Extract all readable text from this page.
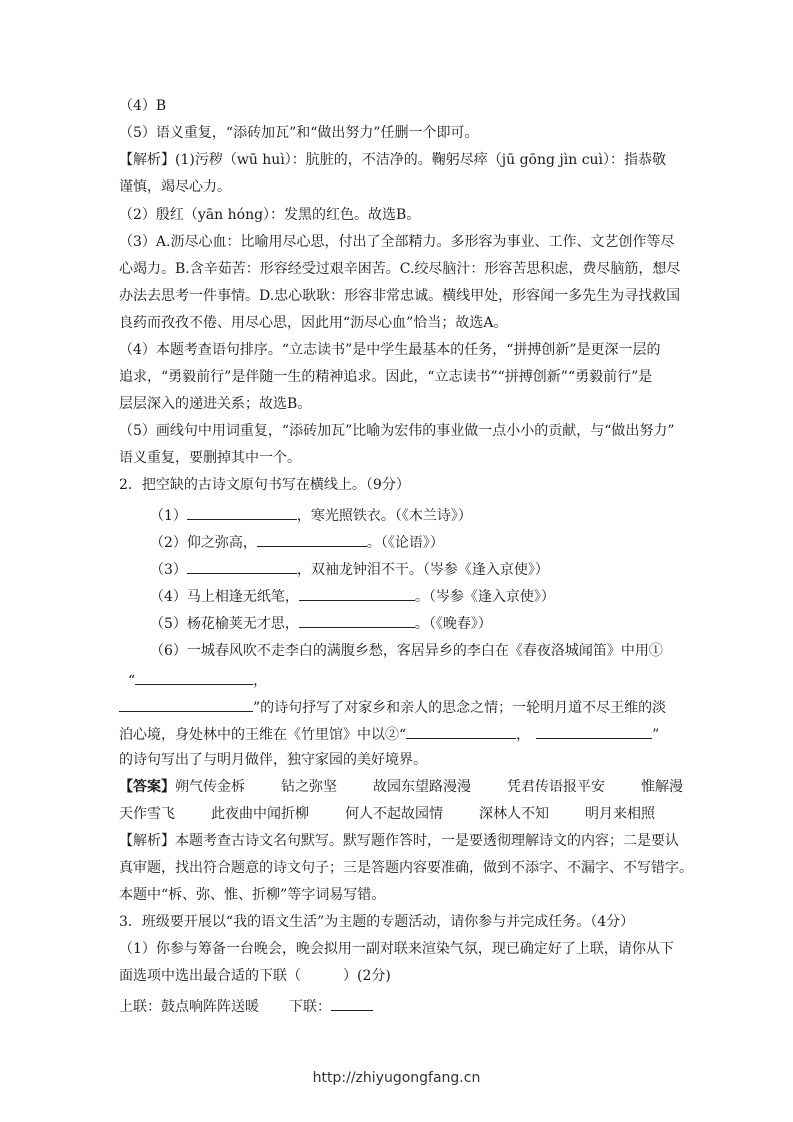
（4）B
（5）语义重复，“添砖加瓦”和“做出努力”任删一个即可。
【解析】(1)污秽（wū huì）：肮脏的，不洁净的。鞠躬尽瘁（jū gōng jìn cuì）：指恭敬
谨慎，竭尽心力。
（2）殷红（yān hóng）：发黑的红色。故选B。
（3）A.沥尽心血：比喻用尽心思，付出了全部精力。多形容为事业、工作、文艺创作等尽
心竭力。B.含辛茹苦：形容经受过艰辛困苦。C.绞尽脑汁：形容苦思积虑，费尽脑筋，想尽
办法去思考一件事情。D.忠心耿耿：形容非常忠诚。横线甲处，形容闻一多先生为寻找救国
良药而孜孜不倦、用尽心思，因此用“沥尽心血”恰当；故选A。
（4）本题考查语句排序。“立志读书”是中学生最基本的任务，“拼搏创新”是更深一层的
追求，“勇毅前行”是伴随一生的精神追求。因此，“立志读书”“拼搏创新”“勇毅前行”是
层层深入的递进关系；故选B。
（5）画线句中用词重复，“添砖加瓦”比喻为宏伟的事业做一点小小的贡献，与“做出努力”
语义重复，要删掉其中一个。
2．把空缺的古诗文原句书写在横线上。（9分）
（1）	，寒光照铁衣。（《木兰诗》）
（2）仰之弥高，	。（《论语》）
（3）	，双袖龙钟泪不干。（岑参《逢入京使》）
（4）马上相逢无纸笔，	。（岑参《逢入京使》）
（5）杨花榆荚无才思，	。（《晚春》）
（6）一城春风吹不走李白的满腹乡愁，客居异乡的李白在《春夜洛城闻笛》中用①
“	，
”的诗句抒写了对家乡和亲人的思念之情；一轮明月道不尽王维的淡
泊心境，身处林中的王维在《竹里馆》中以②“	，	”
的诗句写出了与明月做伴，独守家园的美好境界。
【答案】朔气传金柝	钻之弥坚	故园东望路漫漫	凭君传语报平安	惟解漫
天作雪飞	此夜曲中闻折柳	何人不起故园情	深林人不知	明月来相照
【解析】本题考查古诗文名句默写。默写题作答时，一是要透彻理解诗文的内容；二是要认
真审题，找出符合题意的诗文句子；三是答题内容要准确，做到不添字、不漏字、不写错字。
本题中“柝、弥、惟、折柳”等字词易写错。
3．班级要开展以“我的语文生活”为主题的专题活动，请你参与并完成任务。（4分）
（1）你参与筹备一台晚会，晚会拟用一副对联来渲染气氛，现已确定好了上联，请你从下
面选项中选出最合适的下联（　　　）(2分)
上联：鼓点响阵阵送暖 下联：
http://zhiyugongfang.cn
